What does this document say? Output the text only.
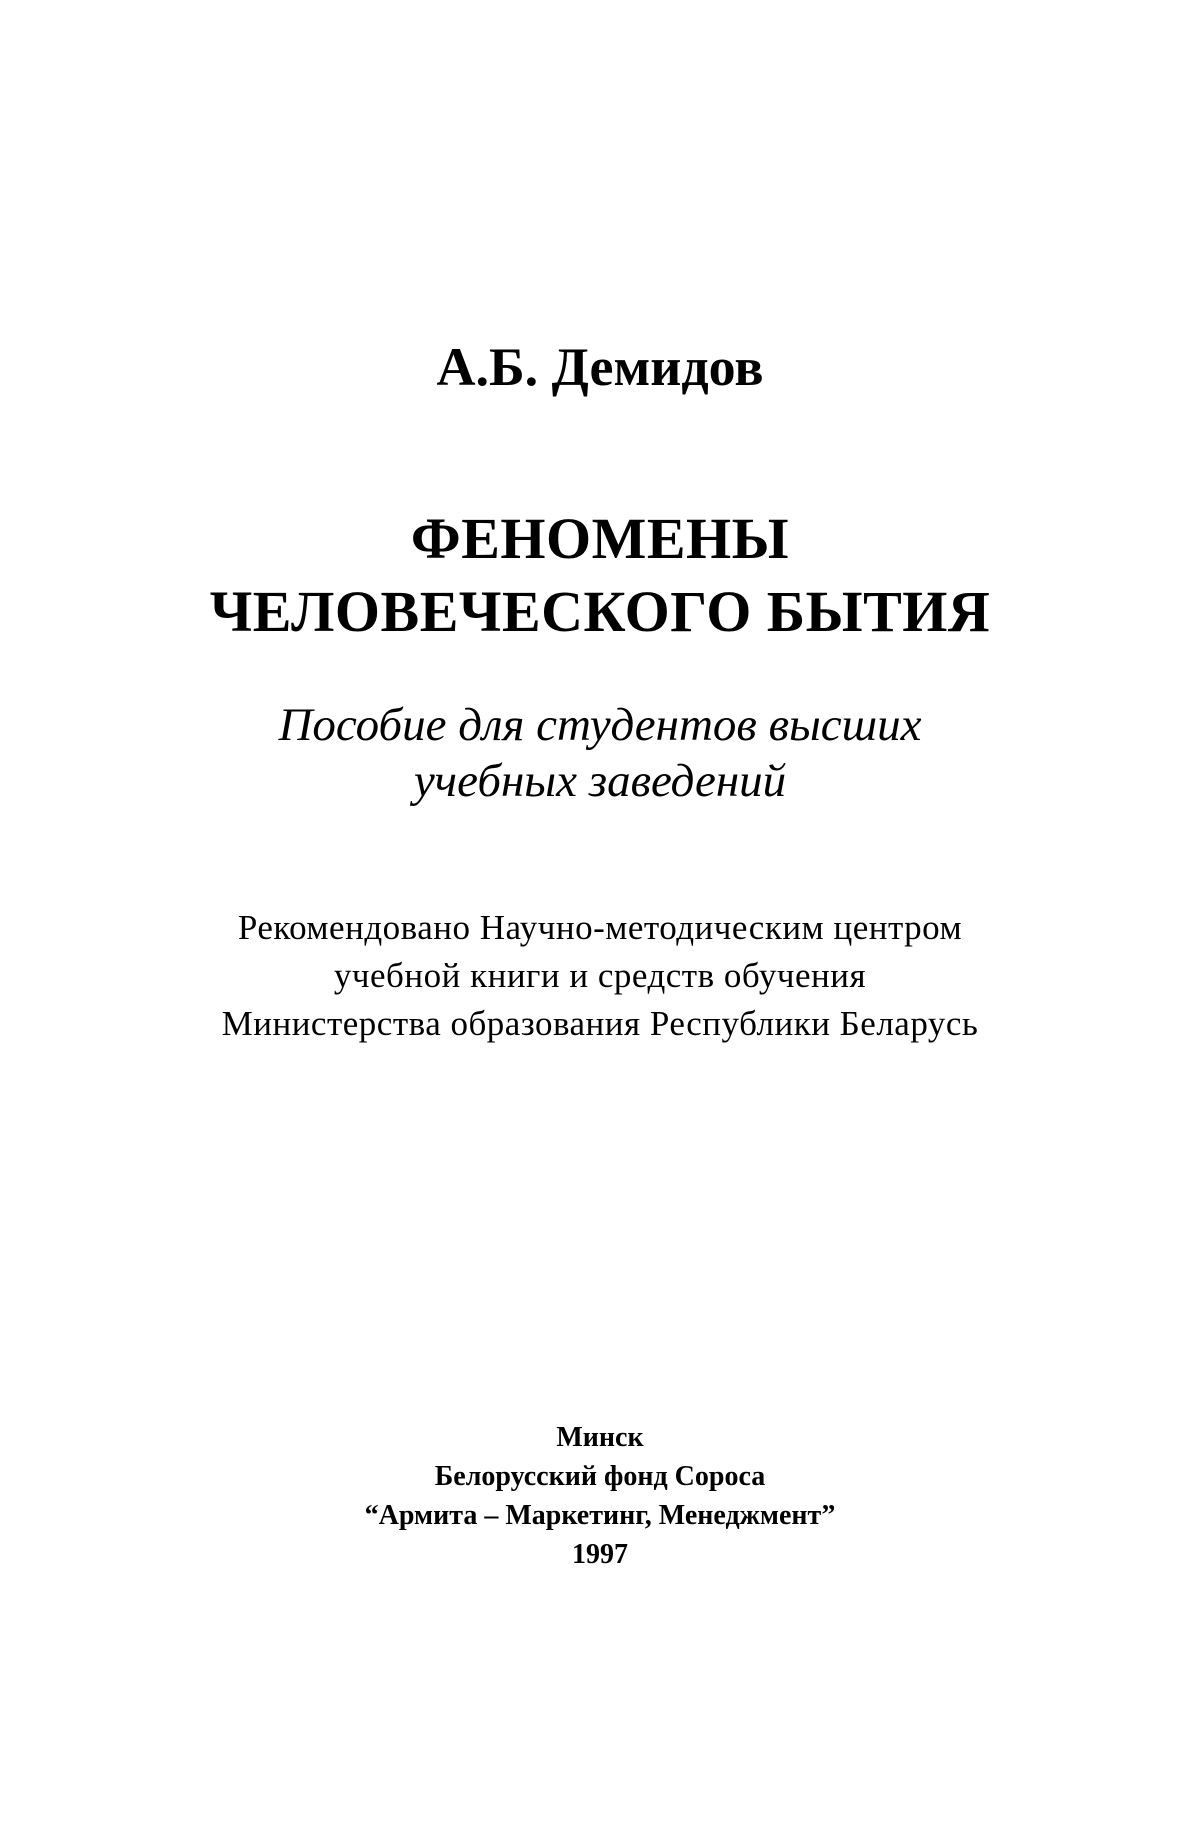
А.Б. Демидов
ФЕНОМЕНЫ
ЧЕЛОВЕЧЕСКОГО БЫТИЯ
Пособие для студентов высших
учебных заведений
Рекомендовано Научно-методическим центром
учебной книги и средств обучения
Министерства образования Республики Беларусь
Минск
Белорусский фонд Сороса
“Армита – Маркетинг, Менеджмент”
1997
